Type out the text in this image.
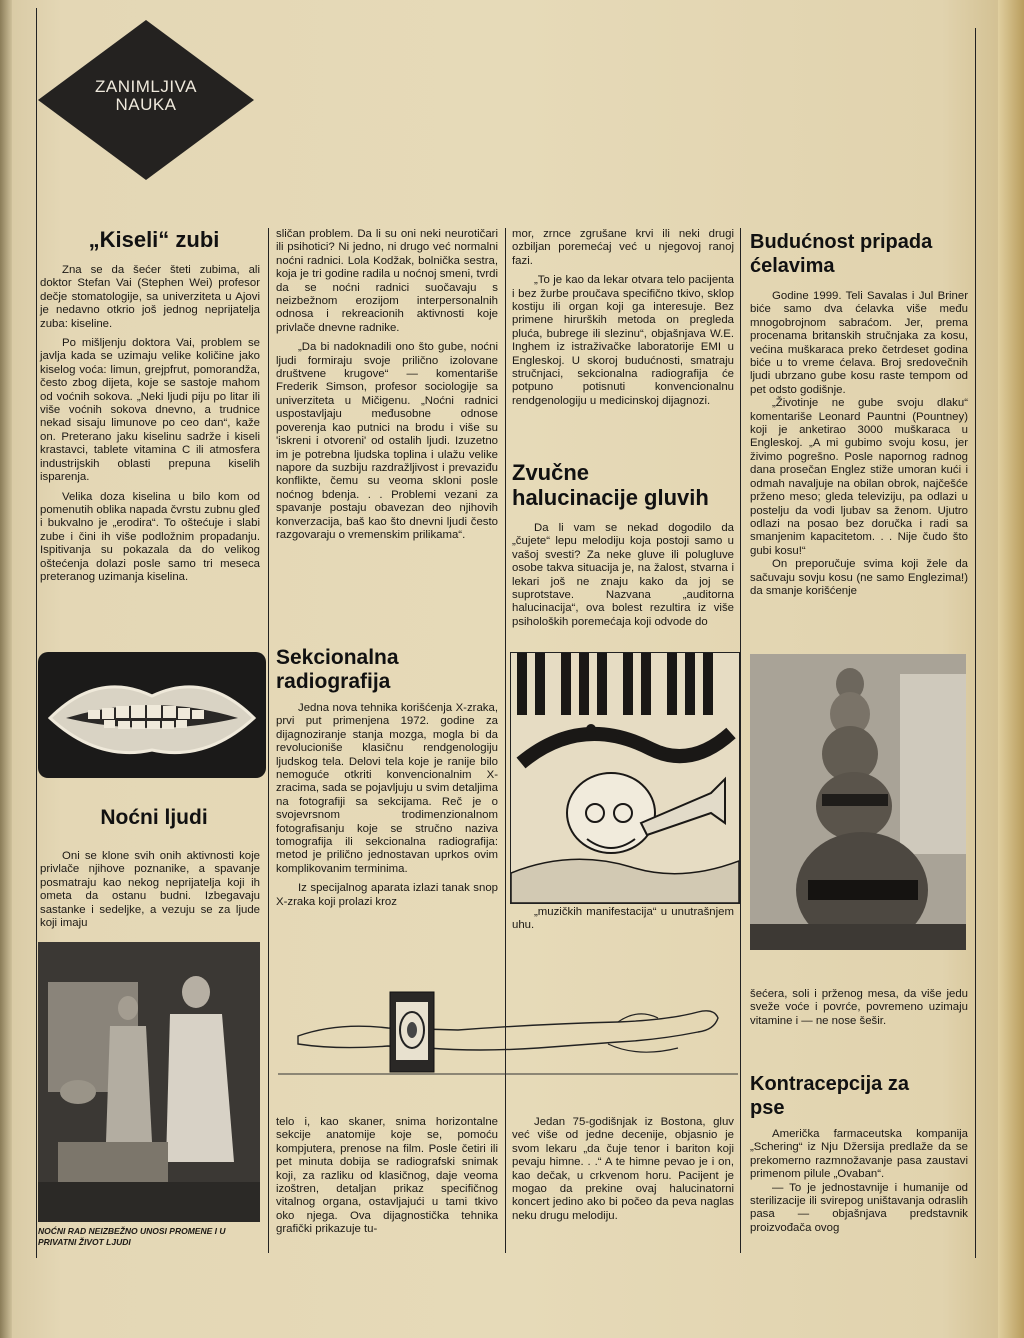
ZANIMLJIVA
NAUKA
„Kiseli“ zubi

Zna se da šećer šteti zubima, ali doktor Stefan Vai (Stephen Wei) profesor dečje stomatologije, sa univerziteta u Ajovi je nedavno otkrio još jednog neprijatelja zuba: kiseline.

Po mišljenju doktora Vai, problem se javlja kada se uzimaju velike količine jako kiselog voća: limun, grejpfrut, pomorandža, često zbog dijeta, koje se sastoje mahom od voćnih sokova. „Neki ljudi piju po litar ili više voćnih sokova dnevno, a trudnice nekad sisaju limunove po ceo dan“, kaže on. Preterano jaku kiselinu sadrže i kiseli krastavci, tablete vitamina C ili atmosfera industrijskih oblasti prepuna kiselih isparenja.

Velika doza kiselina u bilo kom od pomenutih oblika napada čvrstu zubnu gleđ i bukvalno je „erodira“. To oštećuje i slabi zube i čini ih više podložnim propadanju. Ispitivanja su pokazala da do velikog oštećenja dolazi posle samo tri meseca preteranog uzimanja kiselina.

Noćni ljudi

Oni se klone svih onih aktivnosti koje privlače njihove poznanike, a spavanje posmatraju kao nekog neprijatelja koji ih ometa da ostanu budni. Izbegavaju sastanke i sedeljke, a vezuju se za ljude koji imaju

NOĆNI RAD NEIZBEŽNO UNOSI PROMENE I U PRIVATNI ŽIVOT LJUDI

sličan problem. Da li su oni neki neurotičari ili psihotici? Ni jedno, ni drugo već normalni noćni radnici. Lola Kodžak, bolnička sestra, koja je tri godine radila u noćnoj smeni, tvrdi da se noćni radnici suočavaju s neizbežnom erozijom interpersonalnih odnosa i rekreacionih aktivnosti koje privlače dnevne radnike.

„Da bi nadoknadili ono što gube, noćni ljudi formiraju svoje prilično izolovane društvene krugove“ — komentariše Frederik Simson, profesor sociologije sa univerziteta u Mičigenu. „Noćni radnici uspostavljaju međusobne odnose poverenja kao putnici na brodu i više su 'iskreni i otvoreni' od ostalih ljudi. Izuzetno im je potrebna ljudska toplina i ulažu velike napore da suzbiju razdražljivost i prevaziđu konflikte, čemu su veoma skloni posle noćnog bdenja. . . Problemi vezani za spavanje postaju obavezan deo njihovih konverzacija, baš kao što dnevni ljudi često razgovaraju o vremenskim prilikama“.

Sekcionalna
radiografija

Jedna nova tehnika korišćenja X-zraka, prvi put primenjena 1972. godine za dijagnoziranje stanja mozga, mogla bi da revolucioniše klasičnu rendgenologiju ljudskog tela. Delovi tela koje je ranije bilo nemoguće otkriti konvencionalnim X-zracima, sada se pojavljuju u svim detaljima na fotografiji sa sekcijama. Reč je o svojevrsnom trodimenzionalnom fotografisanju koje se stručno naziva tomografija ili sekcionalna radiografija: metod je prilično jednostavan uprkos ovim komplikovanim terminima.

Iz specijalnog aparata izlazi tanak snop X-zraka koji prolazi kroz

telo i, kao skaner, snima horizontalne sekcije anatomije koje se, pomoću kompjutera, prenose na film. Posle četiri ili pet minuta dobija se radiografski snimak koji, za razliku od klasičnog, daje veoma izoštren, detaljan prikaz specifičnog vitalnog organa, ostavljajući u tami tkivo oko njega. Ova dijagnostička tehnika grafički prikazuje tu-

mor, zrnce zgrušane krvi ili neki drugi ozbiljan poremećaj već u njegovoj ranoj fazi.

„To je kao da lekar otvara telo pacijenta i bez žurbe proučava specifično tkivo, sklop kostiju ili organ koji ga interesuje. Bez primene hirurških metoda on pregleda pluća, bubrege ili slezinu“, objašnjava W.E. Inghem iz istraživačke laboratorije EMI u Engleskoj. U skorој budućnosti, smatraju stručnjaci, sekcionalna radiografija će potpuno potisnuti konvencionalnu rendgenologiju u medicinskoj dijagnozi.

Zvučne
halucinacije gluvih

Da li vam se nekad dogodilo da „čujete“ lepu melodiju koja postoji samo u vašoj svesti? Za neke gluve ili polugluve osobe takva situacija je, na žalost, stvarna i lekari još ne znaju kako da joj se suprotstave. Nazvana „auditorna halucinacija“, ova bolest rezultira iz više psiholoških poremećaja koji odvode do

„muzičkih manifestacija“ u unutrašnjem uhu.

Jedan 75-godišnjak iz Bostona, gluv već više od jedne decenije, objasnio je svom lekaru „da čuje tenor i bariton koji pevaju himne. . .“ A te himne pevao je i on, kao dečak, u crkvenom horu. Pacijent je mogao da prekine ovaj halucinatorni koncert jedino ako bi počeo da peva naglas neku drugu melodiju.

Budućnost pripada
ćelavima

Godine 1999. Teli Savalas i Jul Briner biće samo dva ćelavka više među mnogobrojnom sabraćom. Jer, prema procenama britanskih stručnjaka za kosu, većina muškaraca preko četrdeset godina biće u to vreme ćelava. Broj sredovečnih ljudi ubrzano gube kosu raste tempom od pet odsto godišnje.

„Životinje ne gube svoju dlaku“ komentariše Leonard Pauntni (Pountney) koji je anketirao 3000 muškaraca u Engleskoj. „A mi gubimo svoju kosu, jer živimo pogrešno. Posle napornog radnog dana prosečan Englez stiže umoran kući i odmah navaljuje na obilan obrok, najčešće prženo meso; gleda televiziju, pa odlazi u postelju da vodi ljubav sa ženom. Ujutro odlazi na posao bez doručka i radi sa smanjenim kapacitetom. . . Nije čudo što gubi kosu!“

On preporučuje svima koji žele da sačuvaju sovju kosu (ne samo Englezima!) da smanje korišćenje

šećera, soli i prženog mesa, da više jedu sveže voće i povrće, povremeno uzimaju vitamine i — ne nose šešir.

Kontracepcija za
pse

Američka farmaceutska kompanija „Schering“ iz Nju Džersija predlaže da se prekomerno razmnožavanje pasa zaustavi primenom pilule „Ovaban“.

— To je jednostavnije i humanije od sterilizacije ili svirepog uništavanja odraslih pasa — objašnjava predstavnik proizvođača ovog
